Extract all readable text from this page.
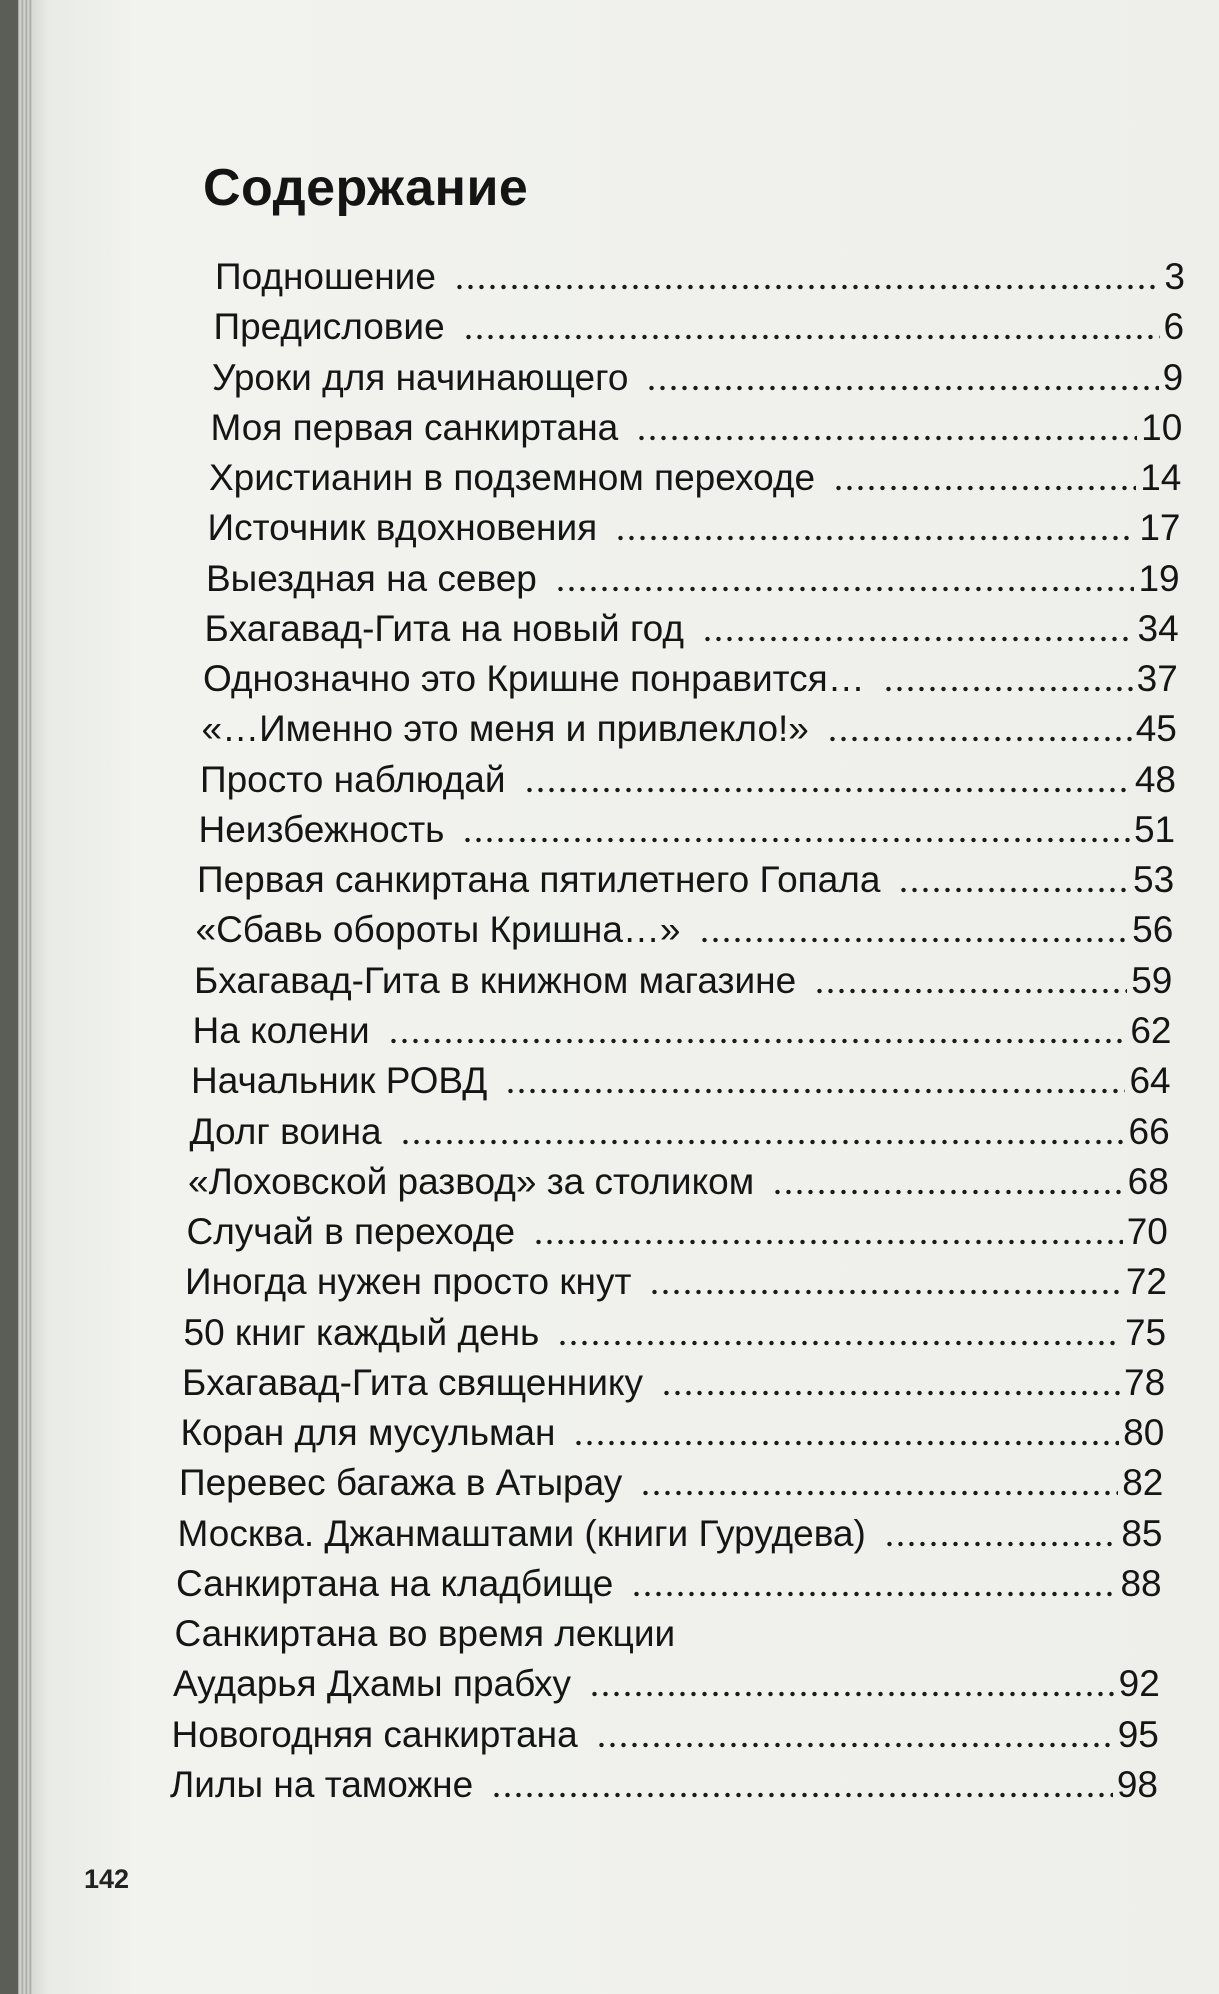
Содержание
Подношение	3
Предисловие	6
Уроки для начинающего	9
Моя первая санкиртана	10
Христианин в подземном переходе	14
Источник вдохновения	17
Выездная на север	19
Бхагавад-Гита на новый год	34
Однозначно это Кришне понравится…	37
«…Именно это меня и привлекло!»	45
Просто наблюдай	48
Неизбежность	51
Первая санкиртана пятилетнего Гопала	53
«Сбавь обороты Кришна…»	56
Бхагавад-Гита в книжном магазине	59
На колени	62
Начальник РОВД	64
Долг воина	66
«Лоховской развод» за столиком	68
Случай в переходе	70
Иногда нужен просто кнут	72
50 книг каждый день	75
Бхагавад-Гита священнику	78
Коран для мусульман	80
Перевес багажа в Атырау	82
Москва. Джанмаштами (книги Гурудева)	85
Санкиртана на кладбище	88
Санкиртана во время лекции
Аударья Дхамы прабху	92
Новогодняя санкиртана	95
Лилы на таможне	98
142
